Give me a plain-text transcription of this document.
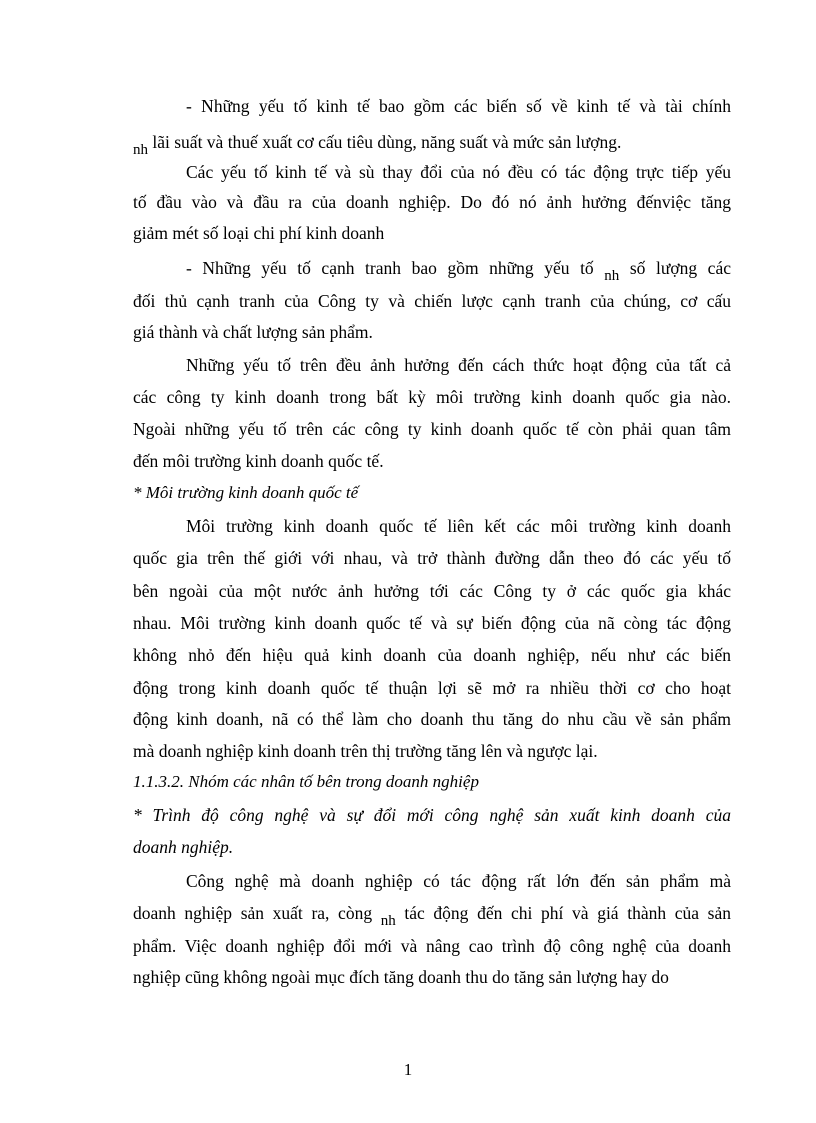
- Những yếu tố kinh tế bao gồm các biến số về kinh tế và tài chính
nh lãi suất và thuế xuất cơ cấu tiêu dùng, năng suất và mức sản lượng.
Các yếu tố kinh tế và sù thay đổi của nó đều có tác động trực tiếp yếu
tố đầu vào và đầu ra của doanh nghiệp. Do đó nó ảnh hưởng đếnviệc tăng
giảm mét số loại chi phí kinh doanh
- Những yếu tố cạnh tranh bao gồm những yếu tố nh số lượng các
đối thủ cạnh tranh của Công ty và chiến lược cạnh tranh của chúng, cơ cấu
giá thành và chất lượng sản phẩm.
Những yếu tố trên đều ảnh hưởng đến cách thức hoạt động của tất cả
các công ty kinh doanh trong bất kỳ môi trường kinh doanh quốc gia nào.
Ngoài những yếu tố trên các công ty kinh doanh quốc tế còn phải quan tâm
đến môi trường kinh doanh quốc tế.
* Môi trường kinh doanh quốc tế
Môi trường kinh doanh quốc tế liên kết các môi trường kinh doanh
quốc gia trên thế giới với nhau, và trở thành đường dẫn theo đó các yếu tố
bên ngoài của một nước ảnh hưởng tới các Công ty ở các quốc gia khác
nhau. Môi trường kinh doanh quốc tế và sự biến động của nã còng tác động
không nhỏ đến hiệu quả kinh doanh của doanh nghiệp, nếu như các biến
động trong kinh doanh quốc tế thuận lợi sẽ mở ra nhiều thời cơ cho hoạt
động kinh doanh, nã có thể làm cho doanh thu tăng do nhu cầu về sản phẩm
mà doanh nghiệp kinh doanh trên thị trường tăng lên và ngược lại.
1.1.3.2. Nhóm các nhân tố bên trong doanh nghiệp
* Trình độ công nghệ và sự đổi mới công nghệ sản xuất kinh doanh của
doanh nghiệp.
Công nghệ mà doanh nghiệp có tác động rất lớn đến sản phẩm mà
doanh nghiệp sản xuất ra, còng nh tác động đến chi phí và giá thành của sản
phẩm. Việc doanh nghiệp đổi mới và nâng cao trình độ công nghệ của doanh
nghiệp cũng không ngoài mục đích tăng doanh thu do tăng sản lượng hay do
1
